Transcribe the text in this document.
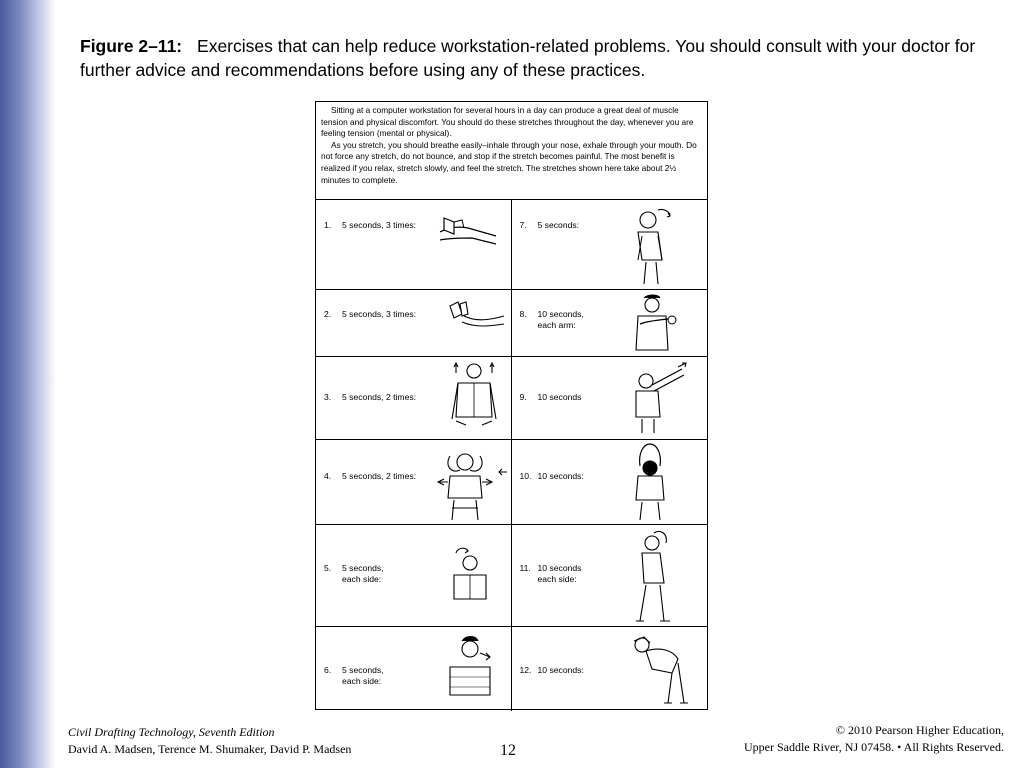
Figure 2–11: Exercises that can help reduce workstation-related problems. You should consult with your doctor for further advice and recommendations before using any of these practices.

Sitting at a computer workstation for several hours in a day can produce a great deal of muscle tension and physical discomfort. You should do these stretches throughout the day, whenever you are feeling tension (mental or physical).

As you stretch, you should breathe easily–inhale through your nose, exhale through your mouth. Do not force any stretch, do not bounce, and stop if the stretch becomes painful. The most benefit is realized if you relax, stretch slowly, and feel the stretch. The stretches shown here take about 2½ minutes to complete.

1. 5 seconds, 3 times:
2. 5 seconds, 3 times:
3. 5 seconds, 2 times:
4. 5 seconds, 2 times:
5. 5 seconds,
each side:
6. 5 seconds,
each side:
7. 5 seconds:
8. 10 seconds,
each arm:
9. 10 seconds
10. 10 seconds:
11. 10 seconds
each side:
12. 10 seconds:
Civil Drafting Technology, Seventh Edition
David A. Madsen, Terence M. Shumaker, David P. Madsen	12
© 2010 Pearson Higher Education,
Upper Saddle River, NJ 07458. • All Rights Reserved.
